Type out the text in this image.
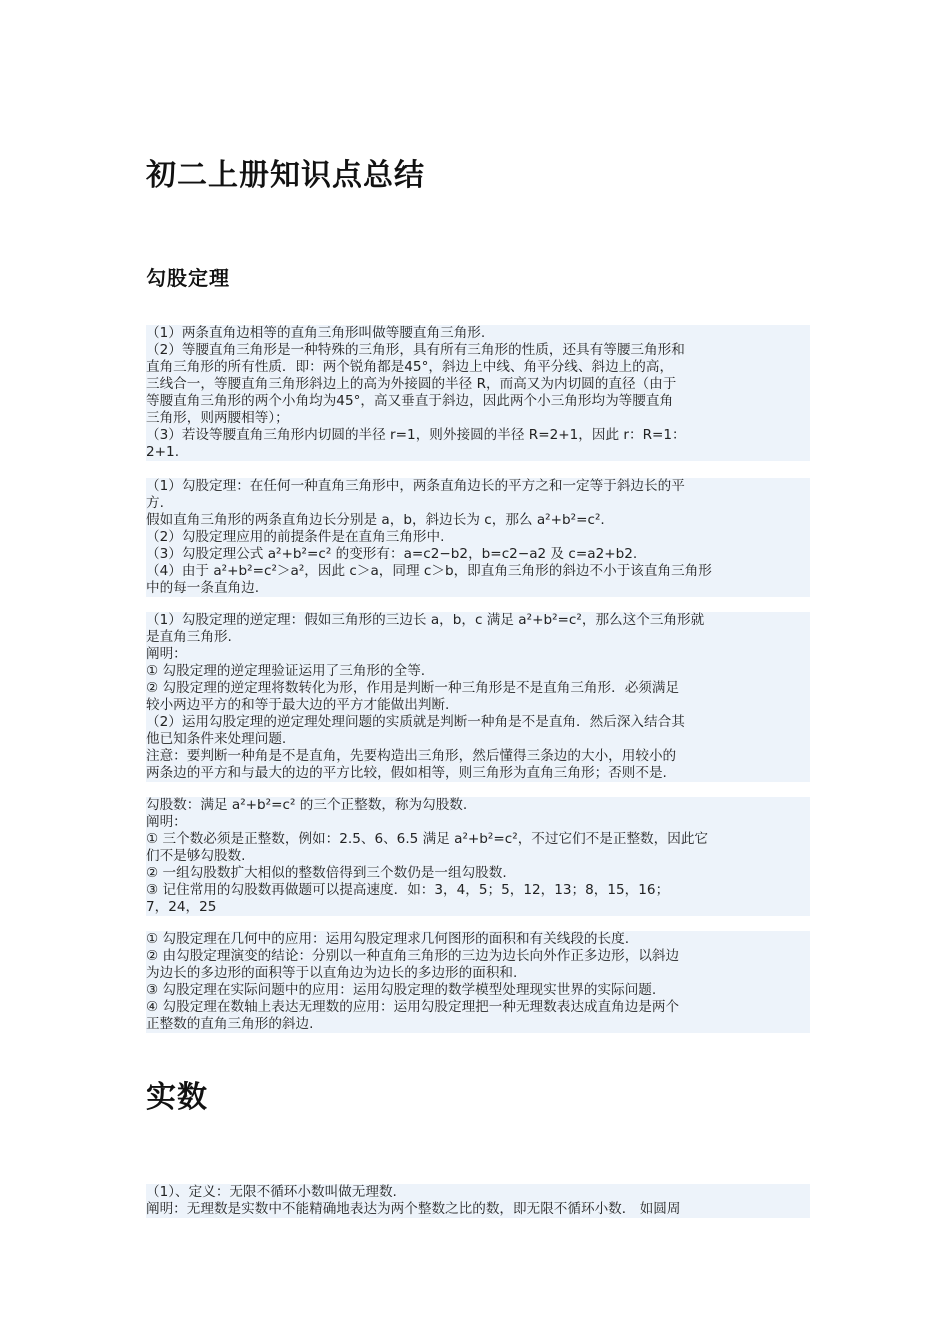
初二上册知识点总结
勾股定理
（1）两条直角边相等的直角三角形叫做等腰直角三角形.
（2）等腰直角三角形是一种特殊的三角形，具有所有三角形的性质，还具有等腰三角形和
直角三角形的所有性质．即：两个锐角都是45°，斜边上中线、角平分线、斜边上的高，
三线合一，等腰直角三角形斜边上的高为外接圆的半径 R，而高又为内切圆的直径（由于
等腰直角三角形的两个小角均为45°，高又垂直于斜边，因此两个小三角形均为等腰直角
三角形，则两腰相等）；
（3）若设等腰直角三角形内切圆的半径 r=1，则外接圆的半径 R=2+1，因此 r：R=1：
2+1.
（1）勾股定理：在任何一种直角三角形中，两条直角边长的平方之和一定等于斜边长的平
方.
假如直角三角形的两条直角边长分别是 a，b，斜边长为 c，那么 a²+b²=c².
（2）勾股定理应用的前提条件是在直角三角形中.
（3）勾股定理公式 a²+b²=c² 的变形有：a=c2−b2，b=c2−a2 及 c=a2+b2.
（4）由于 a²+b²=c²＞a²，因此 c＞a，同理 c＞b，即直角三角形的斜边不小于该直角三角形
中的每一条直角边.
（1）勾股定理的逆定理：假如三角形的三边长 a，b，c 满足 a²+b²=c²，那么这个三角形就
是直角三角形.
阐明：
① 勾股定理的逆定理验证运用了三角形的全等.
② 勾股定理的逆定理将数转化为形，作用是判断一种三角形是不是直角三角形．必须满足
较小两边平方的和等于最大边的平方才能做出判断.
（2）运用勾股定理的逆定理处理问题的实质就是判断一种角是不是直角．然后深入结合其
他已知条件来处理问题.
注意：要判断一种角是不是直角，先要构造出三角形，然后懂得三条边的大小，用较小的
两条边的平方和与最大的边的平方比较，假如相等，则三角形为直角三角形；否则不是.
勾股数：满足 a²+b²=c² 的三个正整数，称为勾股数.
阐明：
① 三个数必须是正整数，例如：2.5、6、6.5 满足 a²+b²=c²，不过它们不是正整数，因此它
们不是够勾股数.
② 一组勾股数扩大相似的整数倍得到三个数仍是一组勾股数.
③ 记住常用的勾股数再做题可以提高速度．如：3，4，5；5，12，13；8，15，16；
7，24，25
① 勾股定理在几何中的应用：运用勾股定理求几何图形的面积和有关线段的长度.
② 由勾股定理演变的结论：分别以一种直角三角形的三边为边长向外作正多边形，以斜边
为边长的多边形的面积等于以直角边为边长的多边形的面积和.
③ 勾股定理在实际问题中的应用：运用勾股定理的数学模型处理现实世界的实际问题.
④ 勾股定理在数轴上表达无理数的应用：运用勾股定理把一种无理数表达成直角边是两个
正整数的直角三角形的斜边.
实数
（1）、定义：无限不循环小数叫做无理数.
阐明：无理数是实数中不能精确地表达为两个整数之比的数，即无限不循环小数． 如圆周
